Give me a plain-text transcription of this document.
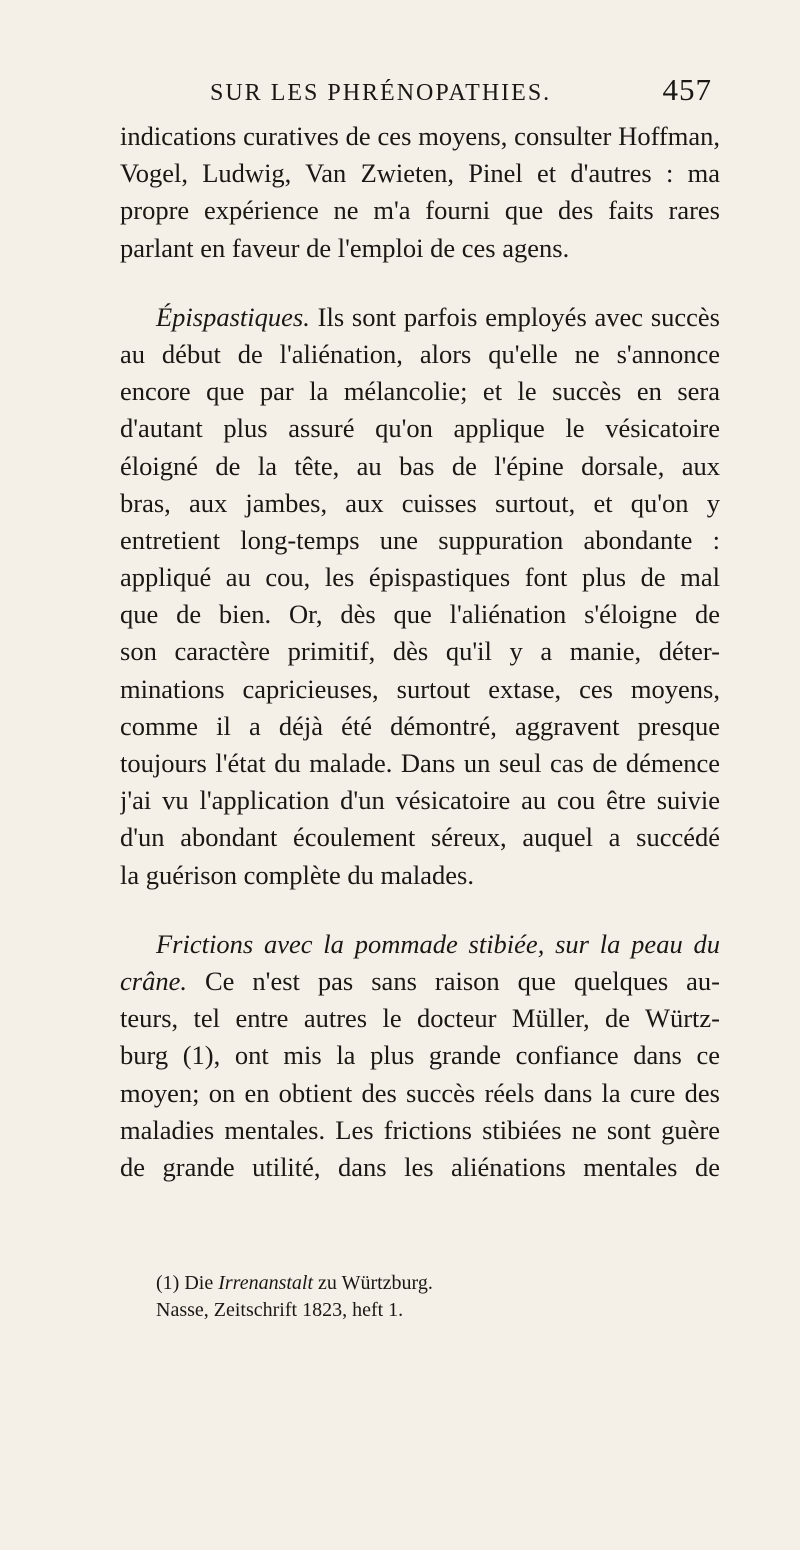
SUR LES PHRÉNOPATHIES.	457
indications curatives de ces moyens, consulter Hoffman,
Vogel, Ludwig, Van Zwieten, Pinel et d'autres : ma
propre expérience ne m'a fourni que des faits rares
parlant en faveur de l'emploi de ces agens.
Épispastiques. Ils sont parfois employés avec succès
au début de l'aliénation, alors qu'elle ne s'annonce
encore que par la mélancolie; et le succès en sera
d'autant plus assuré qu'on applique le vésicatoire
éloigné de la tête, au bas de l'épine dorsale, aux
bras, aux jambes, aux cuisses surtout, et qu'on y
entretient long-temps une suppuration abondante :
appliqué au cou, les épispastiques font plus de mal
que de bien. Or, dès que l'aliénation s'éloigne de
son caractère primitif, dès qu'il y a manie, déter-
minations capricieuses, surtout extase, ces moyens,
comme il a déjà été démontré, aggravent presque
toujours l'état du malade. Dans un seul cas de démence
j'ai vu l'application d'un vésicatoire au cou être suivie
d'un abondant écoulement séreux, auquel a succédé
la guérison complète du malades.
Frictions avec la pommade stibiée, sur la peau du
crâne. Ce n'est pas sans raison que quelques au-
teurs, tel entre autres le docteur Müller, de Würtz-
burg (1), ont mis la plus grande confiance dans ce
moyen; on en obtient des succès réels dans la cure des
maladies mentales. Les frictions stibiées ne sont guère
de grande utilité, dans les aliénations mentales de
(1) Die Irrenanstalt zu Würtzburg.
Nasse, Zeitschrift 1823, heft 1.
